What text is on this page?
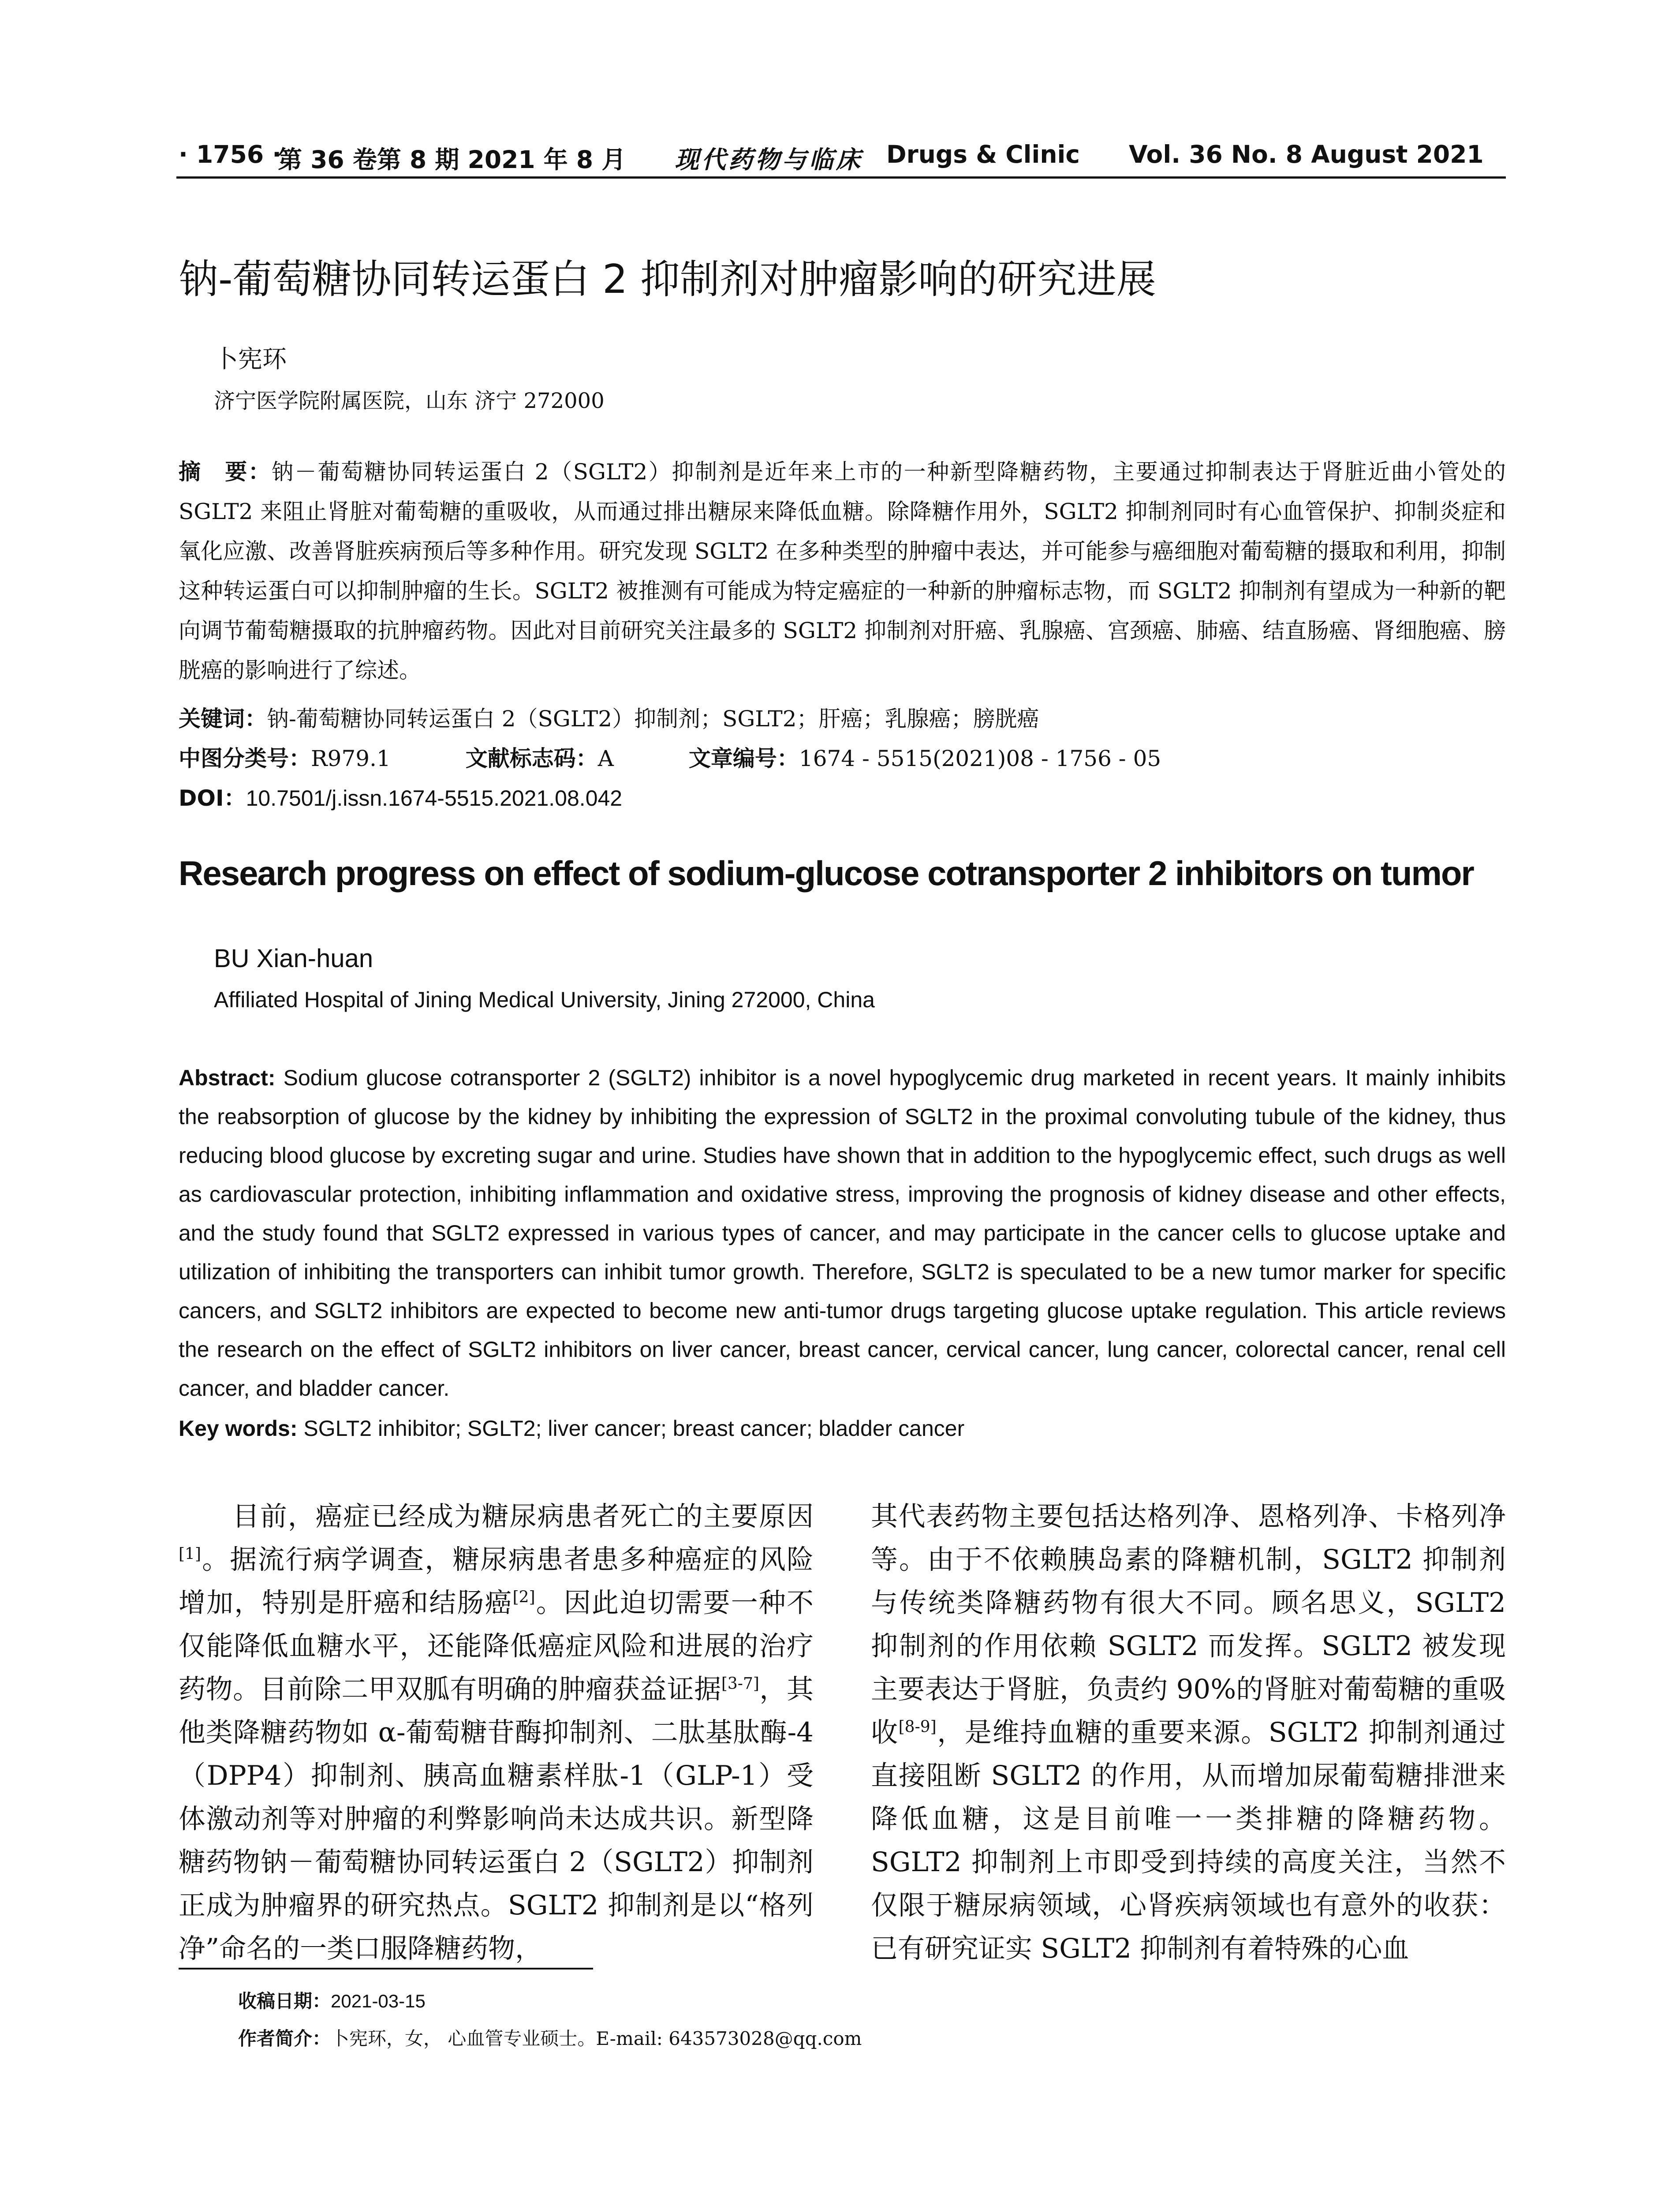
· 1756 ·
第 36 卷第 8 期 2021 年 8 月 现代药物与临床 Drugs & Clinic Vol. 36 No. 8 August 2021
钠-葡萄糖协同转运蛋白 2 抑制剂对肿瘤影响的研究进展
卜宪环
济宁医学院附属医院，山东 济宁 272000
摘　要：钠－葡萄糖协同转运蛋白 2（SGLT2）抑制剂是近年来上市的一种新型降糖药物，主要通过抑制表达于肾脏近曲小管处的 SGLT2 来阻止肾脏对葡萄糖的重吸收，从而通过排出糖尿来降低血糖。除降糖作用外，SGLT2 抑制剂同时有心血管保护、抑制炎症和氧化应激、改善肾脏疾病预后等多种作用。研究发现 SGLT2 在多种类型的肿瘤中表达，并可能参与癌细胞对葡萄糖的摄取和利用，抑制这种转运蛋白可以抑制肿瘤的生长。SGLT2 被推测有可能成为特定癌症的一种新的肿瘤标志物，而 SGLT2 抑制剂有望成为一种新的靶向调节葡萄糖摄取的抗肿瘤药物。因此对目前研究关注最多的 SGLT2 抑制剂对肝癌、乳腺癌、宫颈癌、肺癌、结直肠癌、肾细胞癌、膀胱癌的影响进行了综述。
关键词：钠-葡萄糖协同转运蛋白 2（SGLT2）抑制剂；SGLT2；肝癌；乳腺癌；膀胱癌
中图分类号：R979.1	文献标志码：A	文章编号：1674 - 5515(2021)08 - 1756 - 05
DOI：10.7501/j.issn.1674-5515.2021.08.042
Research progress on effect of sodium-glucose cotransporter 2 inhibitors on tumor
BU Xian-huan
Affiliated Hospital of Jining Medical University, Jining 272000, China
Abstract: Sodium glucose cotransporter 2 (SGLT2) inhibitor is a novel hypoglycemic drug marketed in recent years. It mainly inhibits the reabsorption of glucose by the kidney by inhibiting the expression of SGLT2 in the proximal convoluting tubule of the kidney, thus reducing blood glucose by excreting sugar and urine. Studies have shown that in addition to the hypoglycemic effect, such drugs as well as cardiovascular protection, inhibiting inflammation and oxidative stress, improving the prognosis of kidney disease and other effects, and the study found that SGLT2 expressed in various types of cancer, and may participate in the cancer cells to glucose uptake and utilization of inhibiting the transporters can inhibit tumor growth. Therefore, SGLT2 is speculated to be a new tumor marker for specific cancers, and SGLT2 inhibitors are expected to become new anti-tumor drugs targeting glucose uptake regulation. This article reviews the research on the effect of SGLT2 inhibitors on liver cancer, breast cancer, cervical cancer, lung cancer, colorectal cancer, renal cell cancer, and bladder cancer.
Key words: SGLT2 inhibitor; SGLT2; liver cancer; breast cancer; bladder cancer
目前，癌症已经成为糖尿病患者死亡的主要原因[1]。据流行病学调查，糖尿病患者患多种癌症的风险增加，特别是肝癌和结肠癌[2]。因此迫切需要一种不仅能降低血糖水平，还能降低癌症风险和进展的治疗药物。目前除二甲双胍有明确的肿瘤获益证据[3-7]，其他类降糖药物如 α-葡萄糖苷酶抑制剂、二肽基肽酶-4（DPP4）抑制剂、胰高血糖素样肽-1（GLP-1）受体激动剂等对肿瘤的利弊影响尚未达成共识。新型降糖药物钠－葡萄糖协同转运蛋白 2（SGLT2）抑制剂正成为肿瘤界的研究热点。SGLT2 抑制剂是以“格列净”命名的一类口服降糖药物，
其代表药物主要包括达格列净、恩格列净、卡格列净等。由于不依赖胰岛素的降糖机制，SGLT2 抑制剂与传统类降糖药物有很大不同。顾名思义，SGLT2 抑制剂的作用依赖 SGLT2 而发挥。SGLT2 被发现主要表达于肾脏，负责约 90%的肾脏对葡萄糖的重吸收[8-9]，是维持血糖的重要来源。SGLT2 抑制剂通过直接阻断 SGLT2 的作用，从而增加尿葡萄糖排泄来降低血糖，这是目前唯一一类排糖的降糖药物。SGLT2 抑制剂上市即受到持续的高度关注，当然不仅限于糖尿病领域，心肾疾病领域也有意外的收获：已有研究证实 SGLT2 抑制剂有着特殊的心血
收稿日期：2021-03-15
作者简介：卜宪环，女， 心血管专业硕士。E-mail: 643573028@qq.com
